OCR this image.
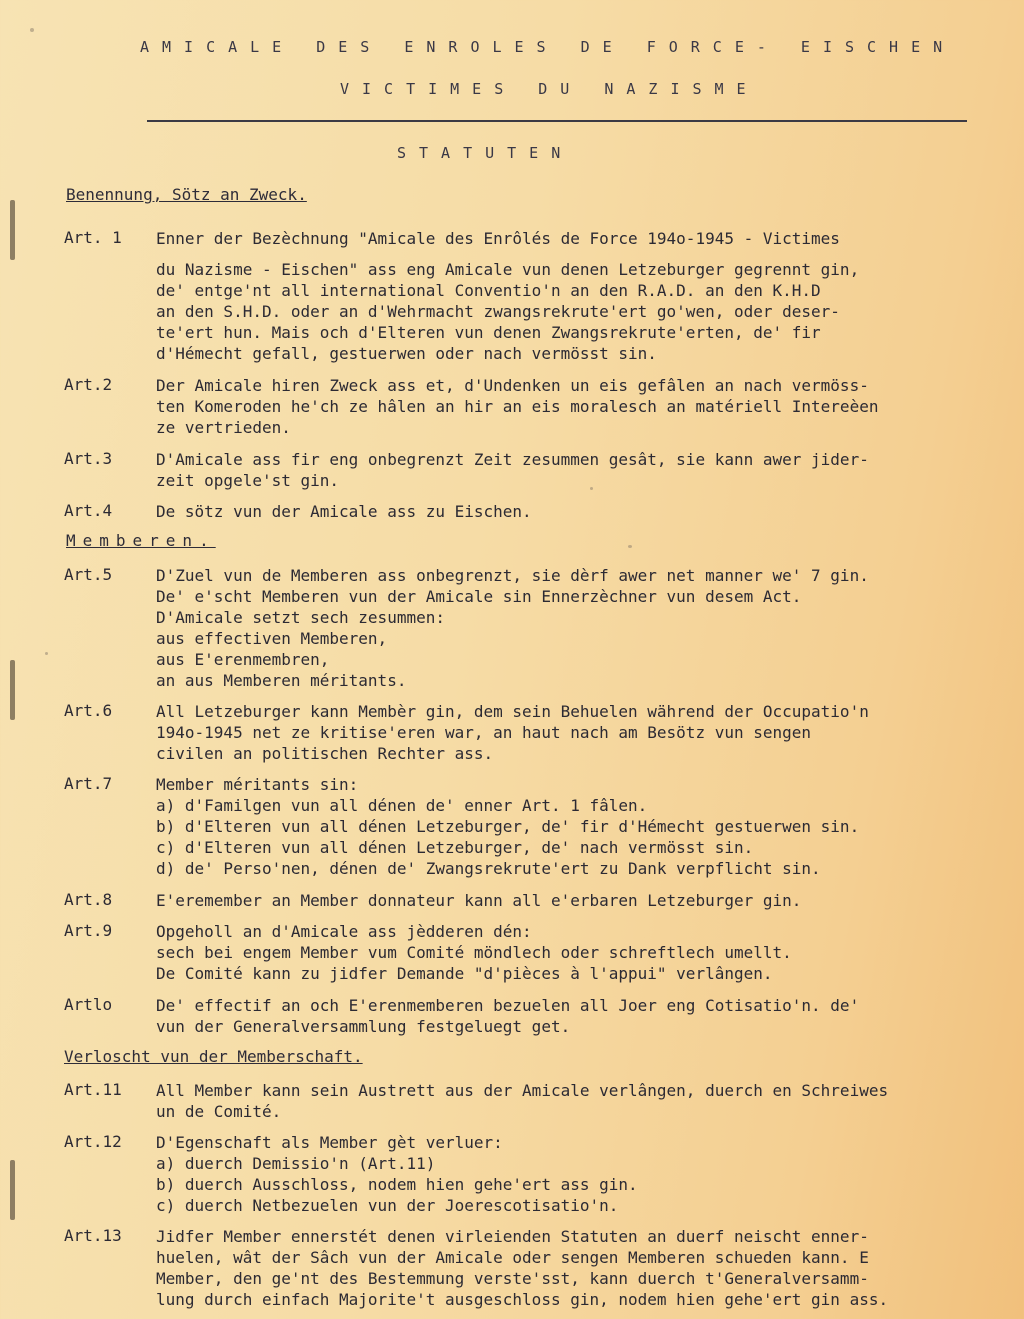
AMICALE DES ENROLES DE FORCE- EISCHEN
VICTIMES DU NAZISME
STATUTEN
Benennung, Sötz an Zweck.
Art. 1 Enner der Bezèchnung "Amicale des Enrôlés de Force 194o-1945 - Victimes
du Nazisme - Eischen" ass eng Amicale vun denen Letzeburger gegrennt gin,
de' entge'nt all international Conventio'n an den R.A.D. an den K.H.D
an den S.H.D. oder an d'Wehrmacht zwangsrekrute'ert go'wen, oder deser-
te'ert hun. Mais och d'Elteren vun denen Zwangsrekrute'erten, de' fir
d'Hémecht gefall, gestuerwen oder nach vermösst sin.
Art.2	Der Amicale hiren Zweck ass et, d'Undenken un eis gefâlen an nach vermöss-
ten Komeroden he'ch ze hâlen an hir an eis moralesch an matériell Intereèen
ze vertrieden.
Art.3	D'Amicale ass fir eng onbegrenzt Zeit zesummen gesât, sie kann awer jider-
zeit opgele'st gin.
Art.4	De sötz vun der Amicale ass zu Eischen.
Memberen.
Art.5	D'Zuel vun de Memberen ass onbegrenzt, sie dèrf awer net manner we' 7 gin.
De' e'scht Memberen vun der Amicale sin Ennerzèchner vun desem Act.
D'Amicale setzt sech zesummen:
aus effectiven Memberen,
aus E'erenmembren,
an aus Memberen méritants.
Art.6	All Letzeburger kann Membèr gin, dem sein Behuelen während der Occupatio'n
194o-1945 net ze kritise'eren war, an haut nach am Besötz vun sengen
civilen an politischen Rechter ass.
Art.7	Member méritants sin:
a) d'Familgen vun all dénen de' enner Art. 1 fâlen.
b) d'Elteren vun all dénen Letzeburger, de' fir d'Hémecht gestuerwen sin.
c) d'Elteren vun all dénen Letzeburger, de' nach vermösst sin.
d) de' Perso'nen, dénen de' Zwangsrekrute'ert zu Dank verpflicht sin.
Art.8	E'eremember an Member donnateur kann all e'erbaren Letzeburger gin.
Art.9	Opgeholl an d'Amicale ass jèdderen dén:
sech bei engem Member vum Comité möndlech oder schreftlech umellt.
De Comité kann zu jidfer Demande "d'pièces à l'appui" verlângen.
Artlo	De' effectif an och E'erenmemberen bezuelen all Joer eng Cotisatio'n. de'
vun der Generalversammlung festgeluegt get.
Verloscht vun der Memberschaft.
Art.11 All Member kann sein Austrett aus der Amicale verlângen, duerch en Schreiwes
un de Comité.
Art.12 D'Egenschaft als Member gèt verluer:
a) duerch Demissio'n (Art.11)
b) duerch Ausschloss, nodem hien gehe'ert ass gin.
c) duerch Netbezuelen vun der Joerescotisatio'n.
Art.13 Jidfer Member ennerstét denen virleienden Statuten an duerf neischt enner-
huelen, wât der Sâch vun der Amicale oder sengen Memberen schueden kann. E
Member, den ge'nt des Bestemmung verste'sst, kann duerch t'Generalversamm-
lung durch einfach Majorite't ausgeschloss gin, nodem hien gehe'ert gin ass.
